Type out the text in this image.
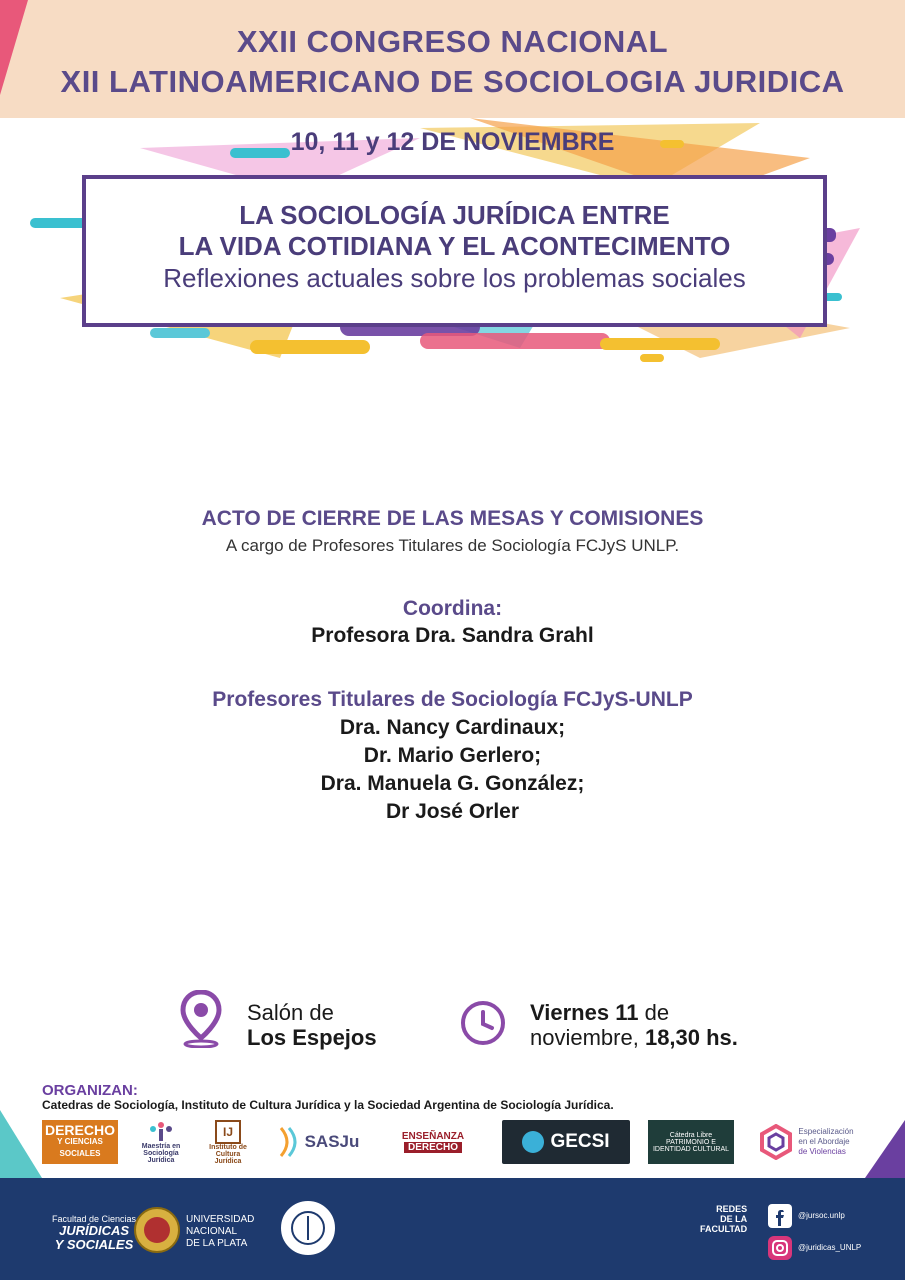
XXII CONGRESO NACIONAL
XII LATINOAMERICANO DE SOCIOLOGIA JURIDICA
10, 11 y 12 DE NOVIEMBRE
LA SOCIOLOGÍA JURÍDICA ENTRE
LA VIDA COTIDIANA Y EL ACONTECIMENTO
Reflexiones actuales sobre los problemas sociales
ACTO DE CIERRE DE LAS MESAS Y COMISIONES
A cargo de Profesores Titulares de Sociología FCJyS UNLP.
Coordina:
Profesora Dra. Sandra Grahl
Profesores Titulares de Sociología FCJyS-UNLP
Dra. Nancy Cardinaux;
Dr. Mario Gerlero;
Dra. Manuela G. González;
Dr José Orler
Salón de
Los Espejos
Viernes 11 de
noviembre, 18,30 hs.
ORGANIZAN:
Catedras de Sociología, Instituto de Cultura Jurídica y la Sociedad Argentina de Sociología Jurídica.
DERECHO
Y CIENCIAS SOCIALES
Maestría en Sociología Jurídica
IJ
Instituto de Cultura Jurídica
SASJu	ENSEÑANZA
DERECHO	GECSI	Cátedra Libre PATRIMONIO E IDENTIDAD CULTURAL
Especialización
en el Abordaje
de Violencias
Facultad de Ciencias
JURÍDICAS
Y SOCIALES
UNIVERSIDAD
NACIONAL
DE LA PLATA
REDES
DE LA
FACULTAD
@jursoc.unlp
@juridicas_UNLP
